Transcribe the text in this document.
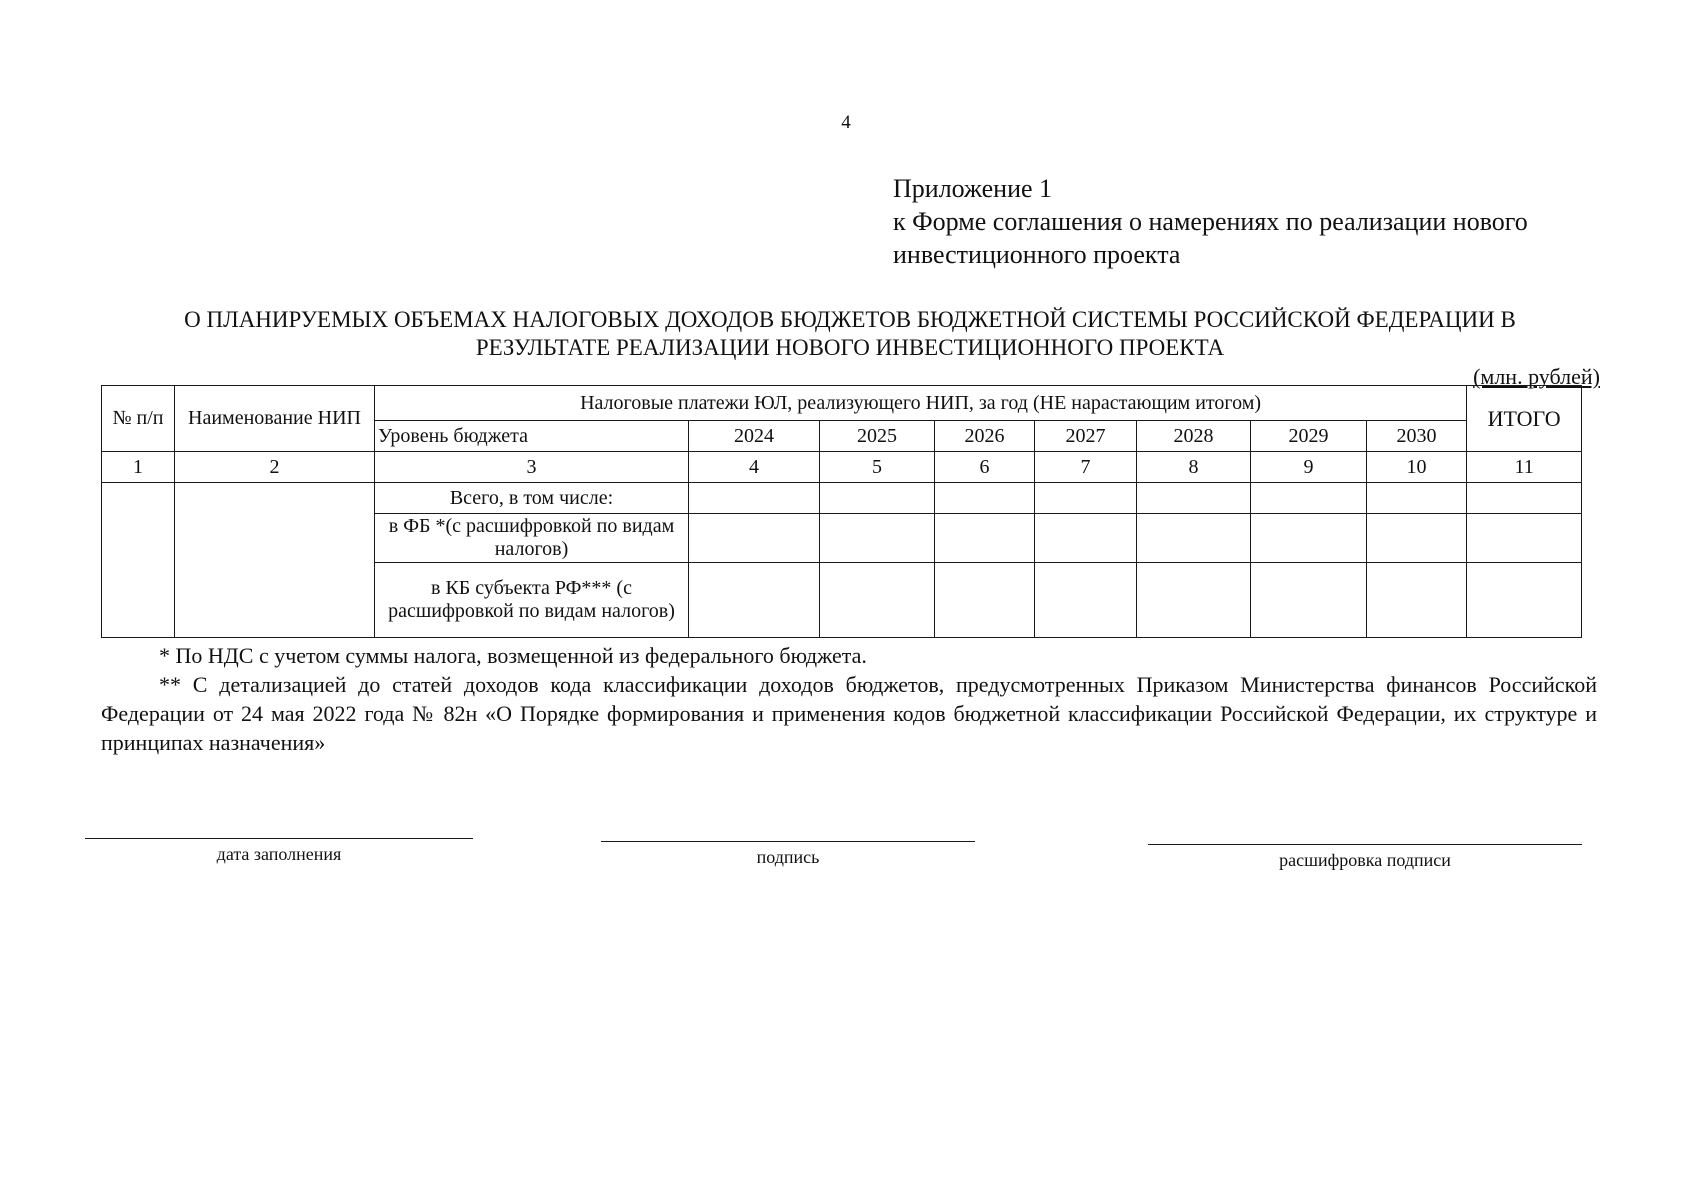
4
Приложение 1
к Форме соглашения о намерениях по реализации нового
инвестиционного проекта
О ПЛАНИРУЕМЫХ ОБЪЕМАХ НАЛОГОВЫХ ДОХОДОВ БЮДЖЕТОВ БЮДЖЕТНОЙ СИСТЕМЫ РОССИЙСКОЙ ФЕДЕРАЦИИ В
РЕЗУЛЬТАТЕ РЕАЛИЗАЦИИ НОВОГО ИНВЕСТИЦИОННОГО ПРОЕКТА
(млн. рублей)
№ п/п	Наименование НИП	Налоговые платежи ЮЛ, реализующего НИП, за год (НЕ нарастающим итогом)								ИТОГО
		Уровень бюджета	2024	2025	2026	2027	2028	2029	2030	
1	2	3	4	5	6	7	8	9	10	11
		Всего, в том числе:								
		в ФБ *(с расшифровкой по видам налогов)								
		в КБ субъекта РФ*** (с расшифровкой по видам налогов)								

* По НДС с учетом суммы налога, возмещенной из федерального бюджета.

** С детализацией до статей доходов кода классификации доходов бюджетов, предусмотренных Приказом Министерства финансов Российской Федерации от 24 мая 2022 года № 82н «О Порядке формирования и применения кодов бюджетной классификации Российской Федерации, их структуре и принципах назначения»

дата заполнения	подпись	расшифровка подписи
